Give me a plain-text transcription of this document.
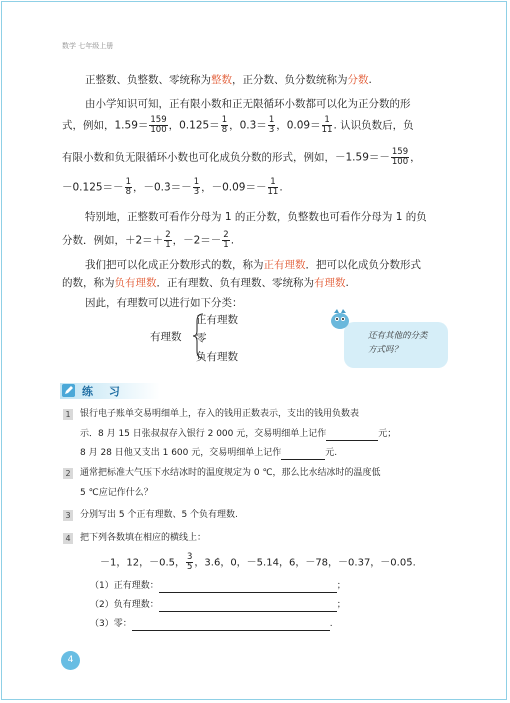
数学 七年级上册
正整数、负整数、零统称为整数，正分数、负分数统称为分数.
由小学知识可知，正有限小数和正无限循环小数都可以化为正分数的形
式，例如，$1.59= \frac{159}{100}$ ，$0.125= \frac{1}{8}$ ，0.3̇＝ $\frac{1}{3}$ ，0.0̇9̇＝ $\frac{1}{11}$ . 认识负数后，负
有限小数和负无限循环小数也可化成负分数的形式，例如，$-1.59=- \frac{159}{100}$ ，
$-0.125=- \frac{1}{8}$ ，－0.3̇＝－ $\frac{1}{3}$ ，－0.0̇9̇＝－ $\frac{1}{11}$ .
特别地，正整数可看作分母为 1 的正分数，负整数也可看作分母为 1 的负
分数．例如，$+2=+ \frac{2}{1}$ ，$-2=- \frac{2}{1}$ .
我们把可以化成正分数形式的数，称为正有理数．把可以化成负分数形式
的数，称为负有理数．正有理数、负有理数、零统称为有理数.
因此，有理数可以进行如下分类：
有理数
正有理数
零
负有理数
还有其他的分类
方式吗？
练 习
1 银行电子账单交易明细单上，存入的钱用正数表示，支出的钱用负数表
示．8 月 15 日张叔叔存入银行 2 000 元，交易明细单上记作	元；
8 月 28 日他又支出 1 600 元，交易明细单上记作	元.
2 通常把标准大气压下水结冰时的温度规定为 0 ℃，那么比水结冰时的温度低
5 ℃应记作什么？
3 分别写出 5 个正有理数、5 个负有理数.
4 把下列各数填在相应的横线上：
－1，12，－0.5， $\frac{3}{5}$ ，3.6̇，0，－5.14，6，－78，－0.37，－0.05̇.
（1）正有理数：	；
（2）负有理数：	；
（3）零：	.
4
